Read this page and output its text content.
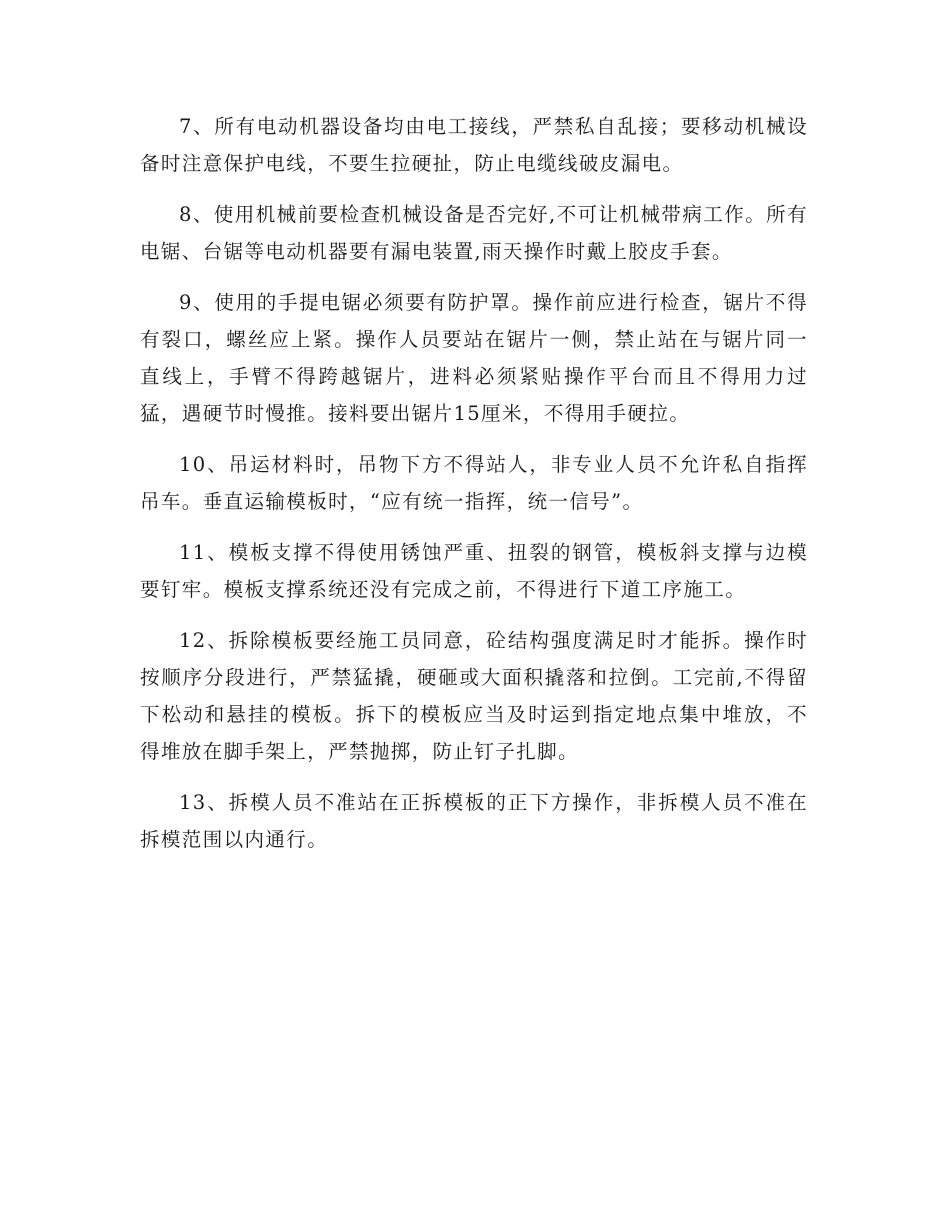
7、所有电动机器设备均由电工接线，严禁私自乱接；要移动机械设备时注意保护电线，不要生拉硬扯，防止电缆线破皮漏电。

8、使用机械前要检查机械设备是否完好,不可让机械带病工作。所有电锯、台锯等电动机器要有漏电装置,雨天操作时戴上胶皮手套。

9、使用的手提电锯必须要有防护罩。操作前应进行检查，锯片不得有裂口，螺丝应上紧。操作人员要站在锯片一侧，禁止站在与锯片同一直线上，手臂不得跨越锯片，进料必须紧贴操作平台而且不得用力过猛，遇硬节时慢推。接料要出锯片15厘米，不得用手硬拉。

10、吊运材料时，吊物下方不得站人，非专业人员不允许私自指挥吊车。垂直运输模板时，“应有统一指挥，统一信号”。

11、模板支撑不得使用锈蚀严重、扭裂的钢管，模板斜支撑与边模要钉牢。模板支撑系统还没有完成之前，不得进行下道工序施工。

12、拆除模板要经施工员同意，砼结构强度满足时才能拆。操作时按顺序分段进行，严禁猛撬，硬砸或大面积撬落和拉倒。工完前,不得留下松动和悬挂的模板。拆下的模板应当及时运到指定地点集中堆放，不得堆放在脚手架上，严禁抛掷，防止钉子扎脚。

13、拆模人员不准站在正拆模板的正下方操作，非拆模人员不准在拆模范围以内通行。
